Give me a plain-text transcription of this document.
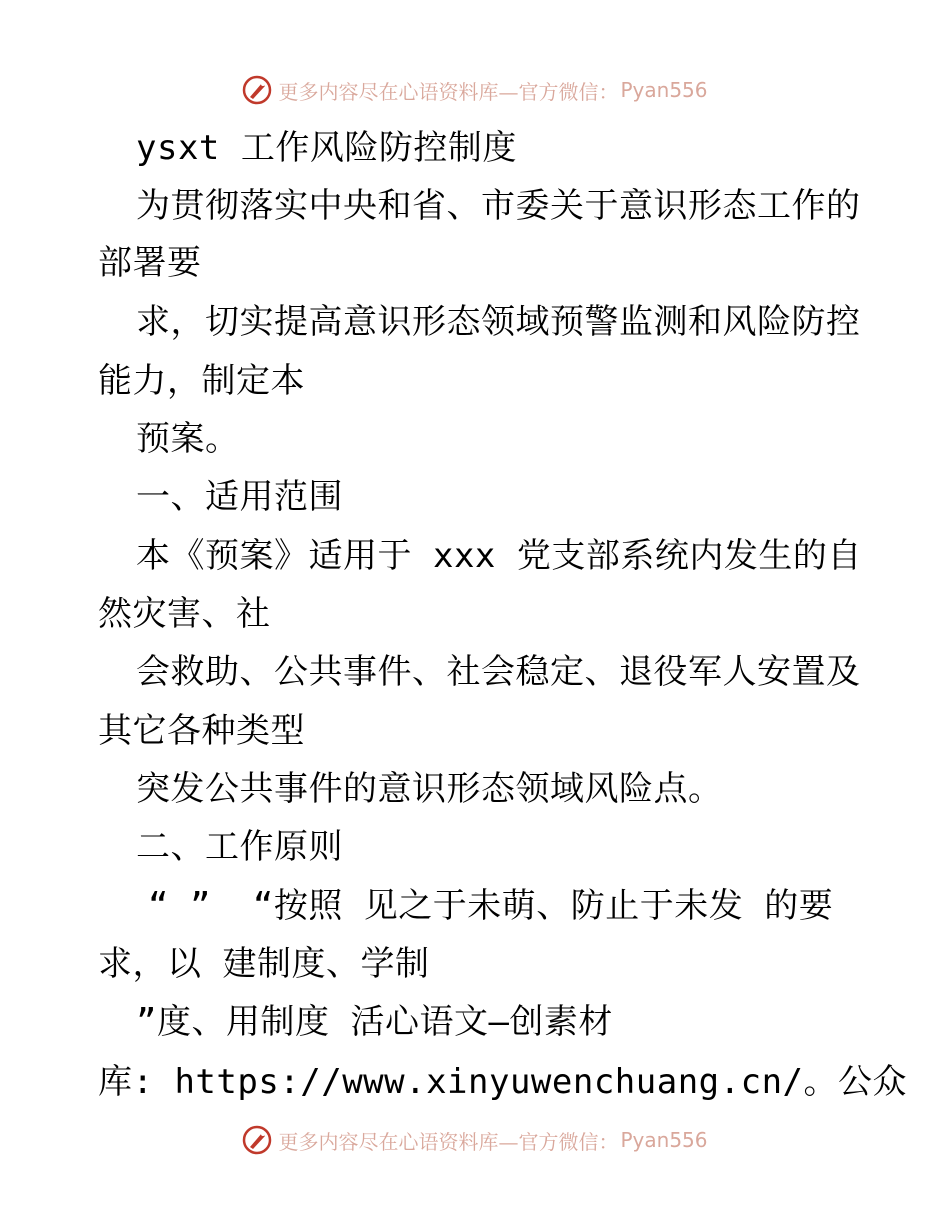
更多内容尽在心语资料库—官方微信： Pyan556
ysxt 工作风险防控制度
为贯彻落实中央和省、市委关于意识形态工作的
部署要
求，切实提高意识形态领域预警监测和风险防控
能力，制定本
预案。
一、适用范围
本《预案》适用于 xxx 党支部系统内发生的自
然灾害、社
会救助、公共事件、社会稳定、退役军人安置及
其它各种类型
突发公共事件的意识形态领域风险点。
二、工作原则
“ ”  “按照 见之于未萌、防止于未发 的要
求，以 建制度、学制
”度、用制度 活心语文—创素材
库: https://www.xinyuwenchuang.cn/。公众
更多内容尽在心语资料库—官方微信： Pyan556
